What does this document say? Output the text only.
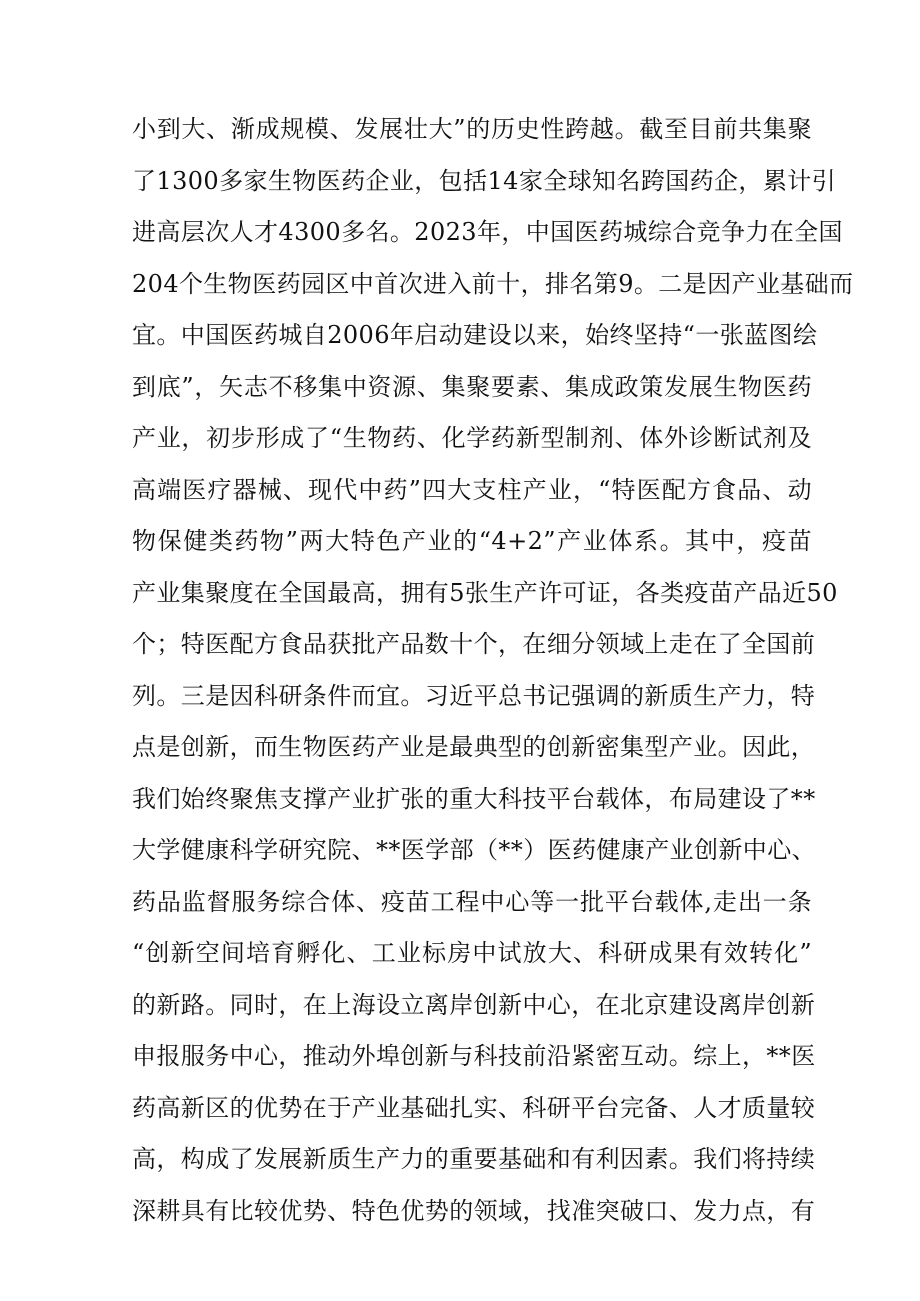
小到大、渐成规模、发展壮大”的历史性跨越。截至目前共集聚
了1300多家生物医药企业，包括14家全球知名跨国药企，累计引
进高层次人才4300多名。2023年，中国医药城综合竞争力在全国
204个生物医药园区中首次进入前十，排名第9。二是因产业基础而
宜。中国医药城自2006年启动建设以来，始终坚持“一张蓝图绘
到底”，矢志不移集中资源、集聚要素、集成政策发展生物医药
产业，初步形成了“生物药、化学药新型制剂、体外诊断试剂及
高端医疗器械、现代中药”四大支柱产业，“特医配方食品、动
物保健类药物”两大特色产业的“4+2”产业体系。其中，疫苗
产业集聚度在全国最高，拥有5张生产许可证，各类疫苗产品近50
个；特医配方食品获批产品数十个，在细分领域上走在了全国前
列。三是因科研条件而宜。习近平总书记强调的新质生产力，特
点是创新，而生物医药产业是最典型的创新密集型产业。因此，
我们始终聚焦支撑产业扩张的重大科技平台载体，布局建设了**
大学健康科学研究院、**医学部（**）医药健康产业创新中心、
药品监督服务综合体、疫苗工程中心等一批平台载体,走出一条
“创新空间培育孵化、工业标房中试放大、科研成果有效转化”
的新路。同时，在上海设立离岸创新中心，在北京建设离岸创新
申报服务中心，推动外埠创新与科技前沿紧密互动。综上，**医
药高新区的优势在于产业基础扎实、科研平台完备、人才质量较
高，构成了发展新质生产力的重要基础和有利因素。我们将持续
深耕具有比较优势、特色优势的领域，找准突破口、发力点，有
